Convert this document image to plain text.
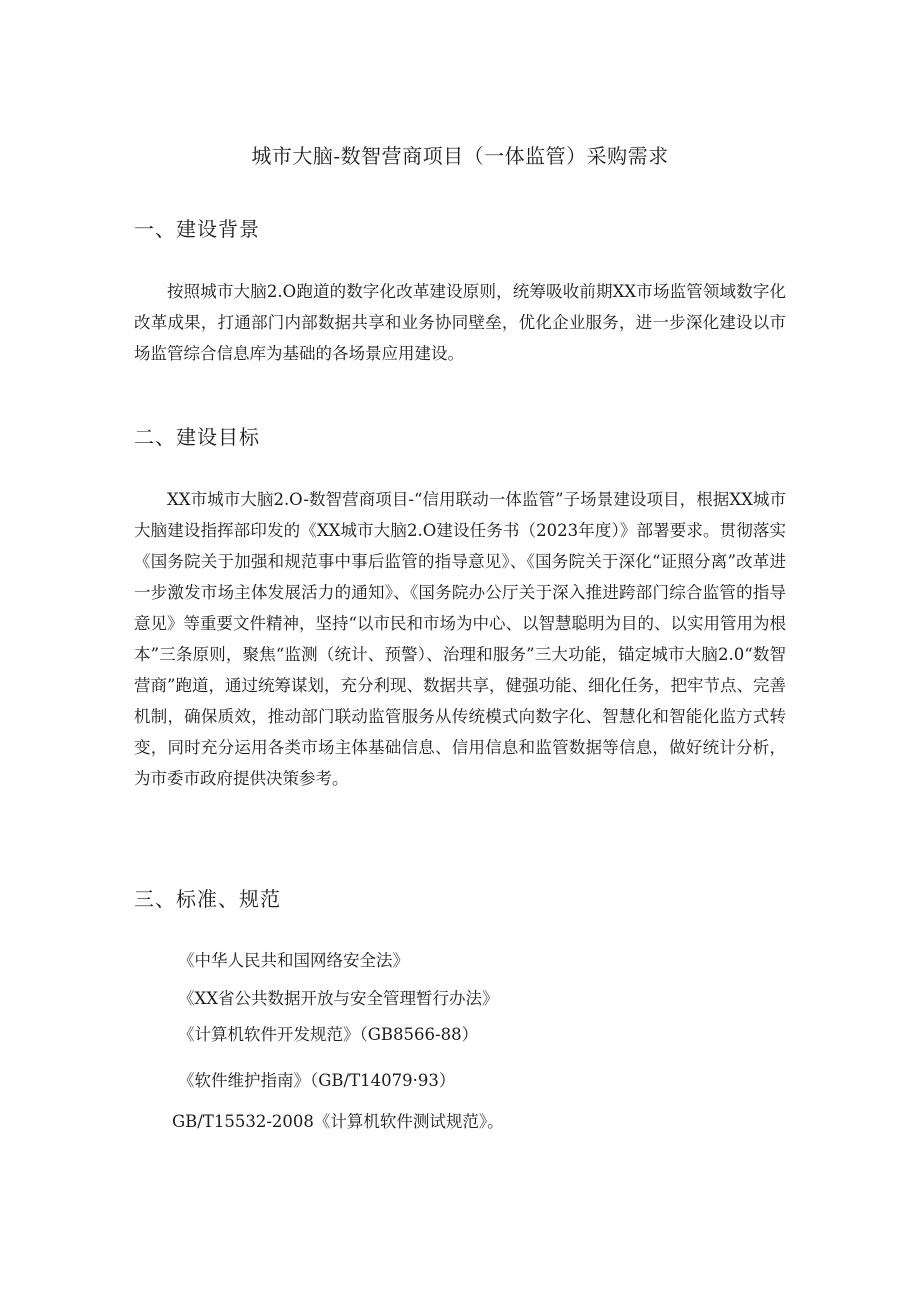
城市大脑-数智营商项目（一体监管）采购需求
一、建设背景

按照城市大脑2.O跑道的数字化改革建设原则，统筹吸收前期XX市场监管领域数字化改革成果，打通部门内部数据共享和业务协同壁垒，优化企业服务，进一步深化建设以市场监管综合信息库为基础的各场景应用建设。

二、建设目标

XX市城市大脑2.O-数智营商项目-“信用联动一体监管”子场景建设项目，根据XX城市大脑建设指挥部印发的《XX城市大脑2.O建设任务书（2023年度）》部署要求。贯彻落实《国务院关于加强和规范事中事后监管的指导意见》、《国务院关于深化“证照分离”改革进一步激发市场主体发展活力的通知》、《国务院办公厅关于深入推进跨部门综合监管的指导意见》等重要文件精神，坚持“以市民和市场为中心、以智慧聪明为目的、以实用管用为根本”三条原则，聚焦“监测（统计、预警）、治理和服务”三大功能，锚定城市大脑2.0“数智营商”跑道，通过统筹谋划，充分利现、数据共享，健强功能、细化任务，把牢节点、完善机制，确保质效，推动部门联动监管服务从传统模式向数字化、智慧化和智能化监方式转变，同时充分运用各类市场主体基础信息、信用信息和监管数据等信息，做好统计分析，为市委市政府提供决策参考。

三、标准、规范
《中华人民共和国网络安全法》
《XX省公共数据开放与安全管理暂行办法》
《计算机软件开发规范》（GB8566-88）
《软件维护指南》（GB/T14079·93）
GB/T15532-2008《计算机软件测试规范》。
